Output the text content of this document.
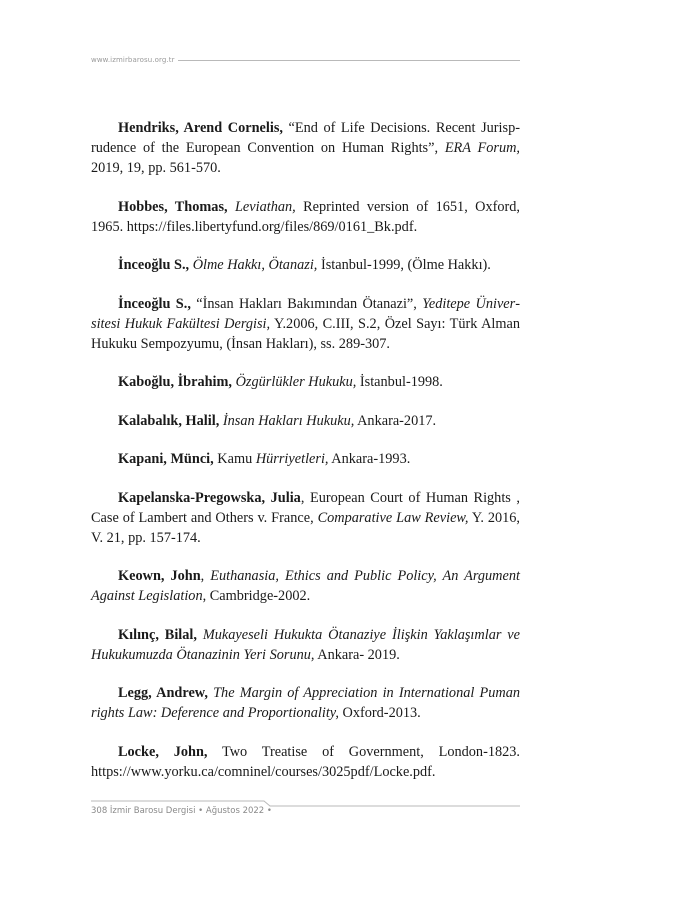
www.izmirbarosu.org.tr

Hendriks, Arend Cornelis, “End of Life Decisions. Recent Jurisprudence of the European Convention on Human Rights”, ERA Forum, 2019, 19, pp. 561-570.

Hobbes, Thomas, Leviathan, Reprinted version of 1651, Oxford, 1965. https://files.libertyfund.org/files/869/0161_Bk.pdf.

İnceoğlu S., Ölme Hakkı, Ötanazi, İstanbul-1999, (Ölme Hakkı).

İnceoğlu S., “İnsan Hakları Bakımından Ötanazi”, Yeditepe Üniversitesi Hukuk Fakültesi Dergisi, Y.2006, C.III, S.2, Özel Sayı: Türk Alman Hukuku Sempozyumu, (İnsan Hakları), ss. 289-307.

Kaboğlu, İbrahim, Özgürlükler Hukuku, İstanbul-1998.

Kalabalık, Halil, İnsan Hakları Hukuku, Ankara-2017.

Kapani, Münci, Kamu Hürriyetleri, Ankara-1993.

Kapelanska-Pregowska, Julia, European Court of Human Rights , Case of Lambert and Others v. France, Comparative Law Review, Y. 2016, V. 21, pp. 157-174.

Keown, John, Euthanasia, Ethics and Public Policy, An Argument Against Legislation, Cambridge-2002.

Kılınç, Bilal, Mukayeseli Hukukta Ötanaziye İlişkin Yaklaşımlar ve Hukukumuzda Ötanazinin Yeri Sorunu, Ankara- 2019.

Legg, Andrew, The Margin of Appreciation in International Puman rights Law: Deference and Proportionality, Oxford-2013.

Locke, John, Two Treatise of Government, London-1823. https://www.yorku.ca/comninel/courses/3025pdf/Locke.pdf.

308 İzmir Barosu Dergisi • Ağustos 2022 •
